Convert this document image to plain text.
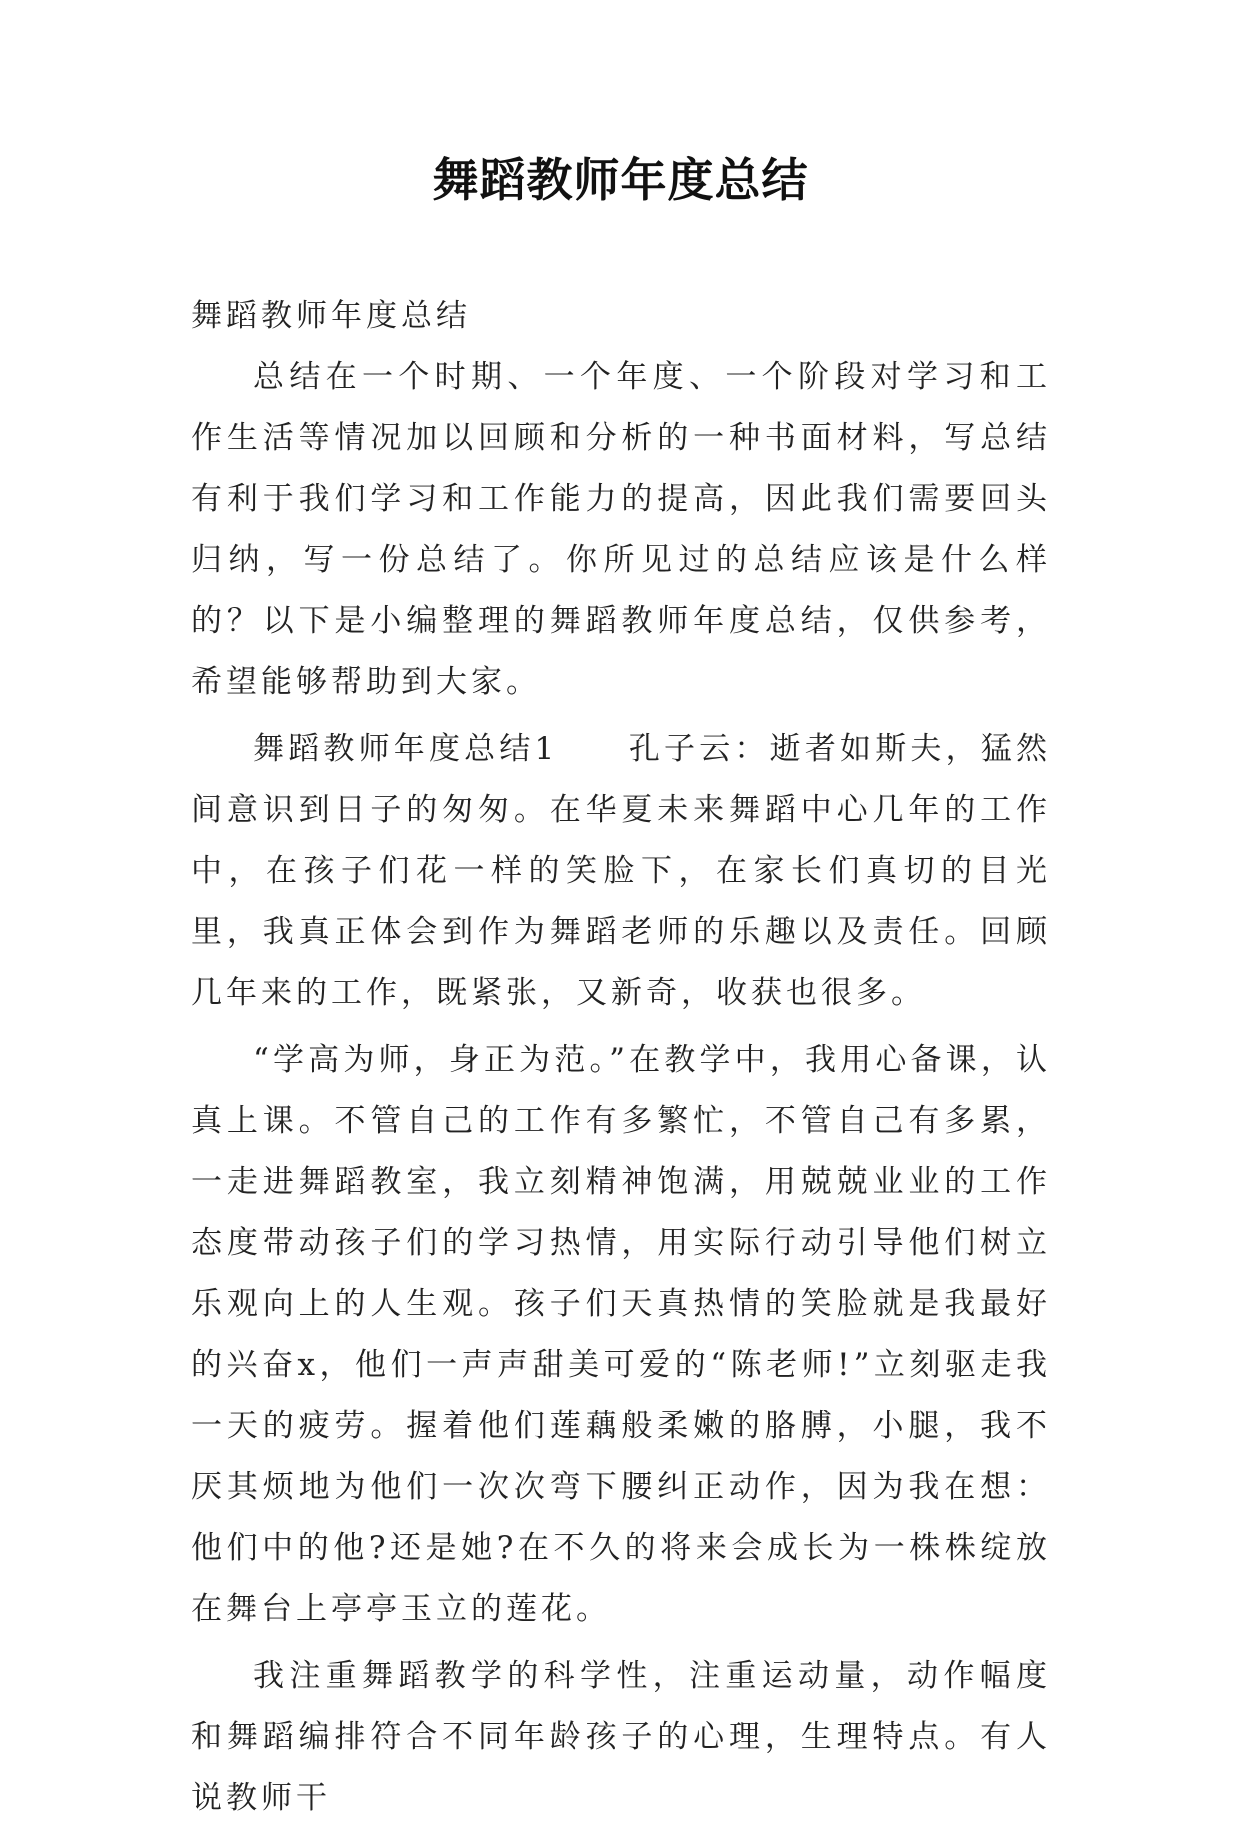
舞蹈教师年度总结

舞蹈教师年度总结

总结在一个时期、一个年度、一个阶段对学习和工作生活等情况加以回顾和分析的一种书面材料，写总结有利于我们学习和工作能力的提高，因此我们需要回头归纳，写一份总结了。你所见过的总结应该是什么样的？以下是小编整理的舞蹈教师年度总结，仅供参考，希望能够帮助到大家。

舞蹈教师年度总结1　　孔子云：逝者如斯夫，猛然间意识到日子的匆匆。在华夏未来舞蹈中心几年的工作中，在孩子们花一样的笑脸下，在家长们真切的目光里，我真正体会到作为舞蹈老师的乐趣以及责任。回顾几年来的工作，既紧张，又新奇，收获也很多。

“学高为师，身正为范。”在教学中，我用心备课，认真上课。不管自己的工作有多繁忙，不管自己有多累，一走进舞蹈教室，我立刻精神饱满，用兢兢业业的工作态度带动孩子们的学习热情，用实际行动引导他们树立乐观向上的人生观。孩子们天真热情的笑脸就是我最好的兴奋x，他们一声声甜美可爱的“陈老师!”立刻驱走我一天的疲劳。握着他们莲藕般柔嫩的胳膊，小腿，我不厌其烦地为他们一次次弯下腰纠正动作，因为我在想：他们中的他?还是她?在不久的将来会成长为一株株绽放在舞台上亭亭玉立的莲花。

我注重舞蹈教学的科学性，注重运动量，动作幅度和舞蹈编排符合不同年龄孩子的心理，生理特点。有人说教师干
